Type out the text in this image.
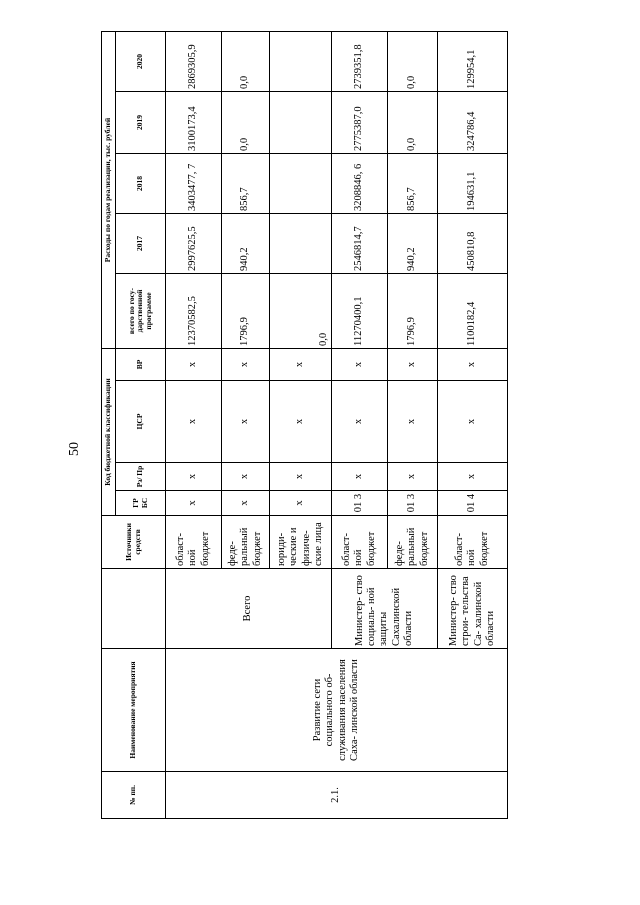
50
№ пп.	Наименование мероприятия		Источники средств	Код бюджетной классификации				Расходы по годам реализации, тыс. рублей				
				ГР БС	Рз/ Пр	ЦСР	ВР	всего по госу- дарственной программе	2017	2018	2019	2020
2.1.	Развитие сети социального об- служивания населения Саха- линской области	Всего	област- ной бюджет	х	х	х	х	12370582,5	2997625,5	3403477, 7	3100173,4	2869305,9
			феде- ральный бюджет	х	х	х	х	1796,9	940,2	856,7	0,0	0,0
			юриди- ческие и физиче- ские лица	х	х	х	х	0,0				
		Министер- ство социаль- ной защиты Сахалинской области	област- ной бюджет	01 3	х	х	х	11270400,1	2546814,7	3208846, 6	2775387,0	2739351,8
			феде- ральный бюджет	01 3	х	х	х	1796,9	940,2	856,7	0,0	0,0
		Министер- ство строи- тельства Са- халинской области	област- ной бюджет	01 4	х	х	х	1100182,4	450810,8	194631,1	324786,4	129954,1
